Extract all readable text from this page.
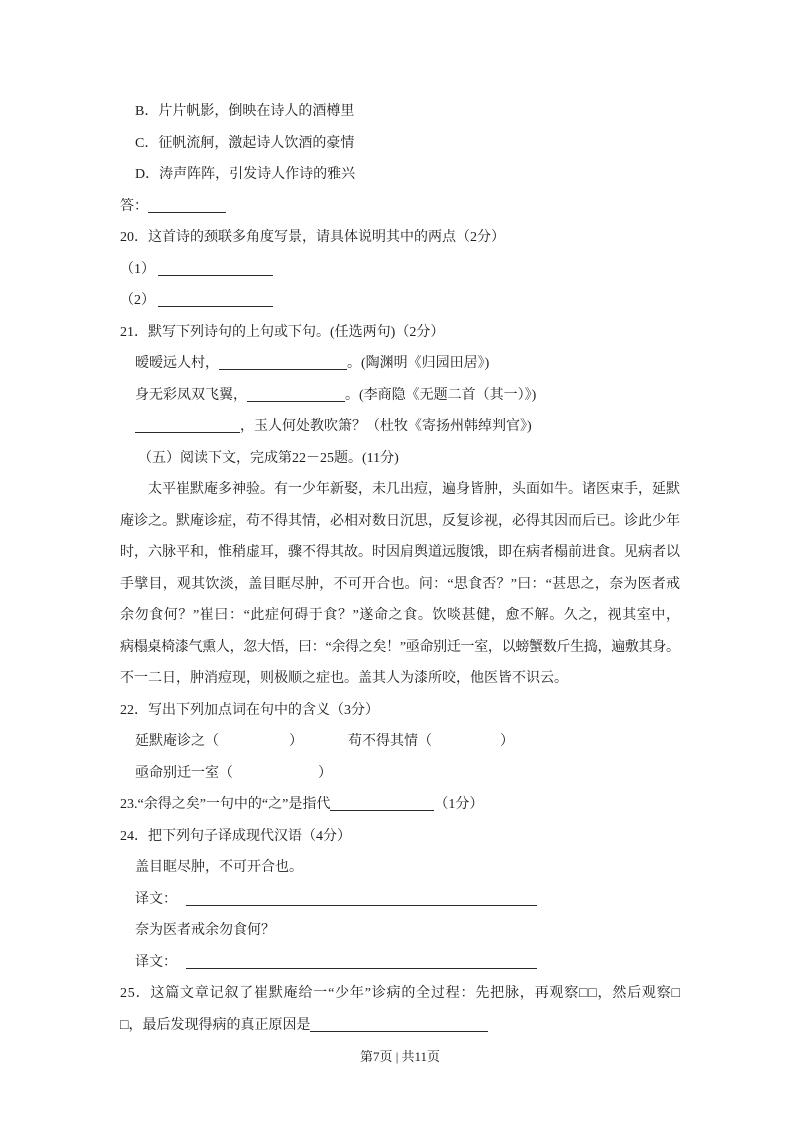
B．片片帆影，倒映在诗人的酒樽里
C．征帆流舸，激起诗人饮酒的豪情
D．涛声阵阵，引发诗人作诗的雅兴
答：
20．这首诗的颈联多角度写景，请具体说明其中的两点（2分）
（1）
（2）
21．默写下列诗句的上句或下句。(任选两句)（2分）
暧暧远人村，	。(陶渊明《归园田居》)
身无彩凤双飞翼，	。(李商隐《无题二首（其一）》)
，玉人何处教吹箫？（杜牧《寄扬州韩绰判官》)
（五）阅读下文，完成第22－25题。(11分)
太平崔默庵多神验。有一少年新娶，未几出痘，遍身皆肿，头面如牛。诸医束手，延默
庵诊之。默庵诊症，苟不得其情，必相对数日沉思，反复诊视，必得其因而后已。诊此少年
时，六脉平和，惟稍虚耳，骤不得其故。时因肩舆道远腹饿，即在病者榻前进食。见病者以
手擘目，观其饮淡，盖目眶尽肿，不可开合也。问：“思食否？”曰：“甚思之，奈为医者戒
余勿食何？”崔曰：“此症何碍于食？”遂命之食。饮啖甚健，愈不解。久之，视其室中，
病榻桌椅漆气熏人，忽大悟，曰：“余得之矣！”亟命别迁一室，以螃蟹数斤生捣，遍敷其身。
不一二日，肿消痘现，则极顺之症也。盖其人为漆所咬，他医皆不识云。
22．写出下列加点词在句中的含义（3分）
延默庵诊之（	）	苟不得其情（	）
亟命别迁一室（	）
23.“余得之矣”一句中的“之”是指代	（1分）
24．把下列句子译成现代汉语（4分）
盖目眶尽肿，不可开合也。
译文：
奈为医者戒余勿食何？
译文：
25．这篇文章记叙了崔默庵给一“少年”诊病的全过程：先把脉，再观察□□，然后观察□
□，最后发现得病的真正原因是
第7页 | 共11页
